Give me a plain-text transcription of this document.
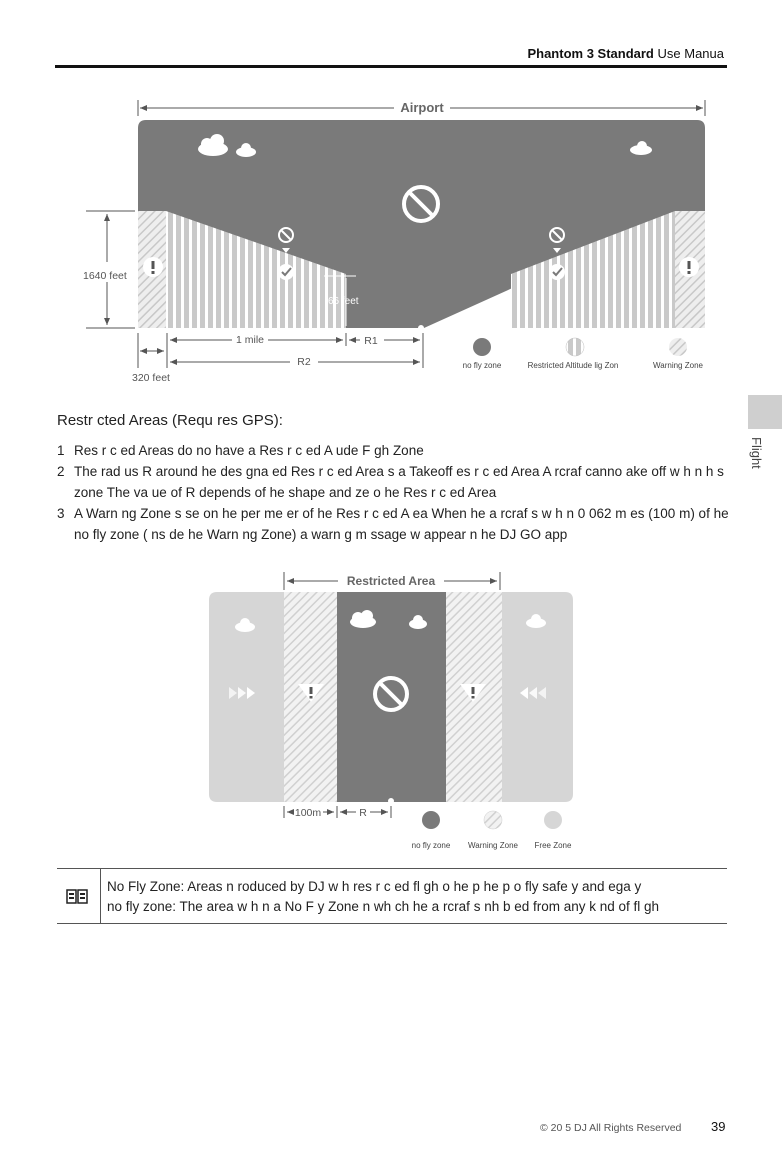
Phantom 3 Standard Use Manua
Flight
Airport
66 feet
1640 feet
1 mile	R1
R2
320 feet
no fly zone	Restricted Altitude lig Zon	Warning Zone
Restr cted Areas (Requ res GPS):
1 Res r c ed Areas do no have a Res r c ed A ude F gh Zone
2 The rad us R around he des gna ed Res r c ed Area s a Takeoff es r c ed Area A rcraf canno ake off w h n h s zone The va ue of R depends of he shape and ze o he Res r c ed Area
3 A Warn ng Zone s se on he per me er of he Res r c ed A ea When he a rcraf s w h n 0 062 m es (100 m) of he no fly zone ( ns de he Warn ng Zone) a warn g m ssage w appear n he DJ GO app
Restricted Area
100m	R
no fly zone Warning Zone Free Zone
No Fly Zone: Areas n roduced by DJ w h res r c ed fl gh o he p he p o fly safe y and ega y
no fly zone: The area w h n a No F y Zone n wh ch he a rcraf s nh b ed from any k nd of fl gh
© 20 5 DJ All Rights Reserved 39
